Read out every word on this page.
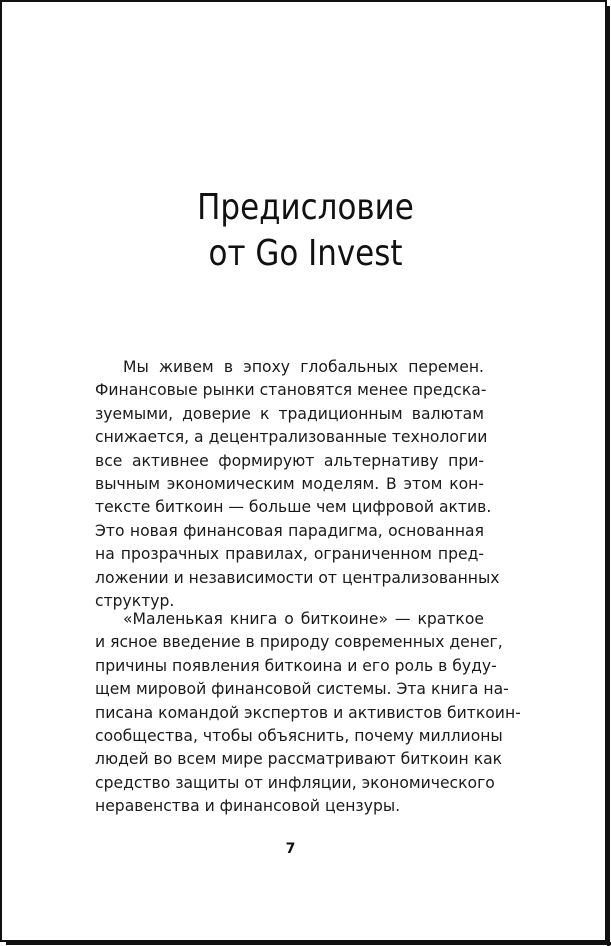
Предисловие
от Go Invest
Мы живем в эпоху глобальных перемен.
Финансовые рынки становятся менее предска-
зуемыми, доверие к традиционным валютам
снижается, а децентрализованные технологии
все активнее формируют альтернативу при-
вычным экономическим моделям. В этом кон-
тексте биткоин — больше чем цифровой актив.
Это новая финансовая парадигма, основанная
на прозрачных правилах, ограниченном пред-
ложении и независимости от централизованных
структур.
«Маленькая книга о биткоине» — краткое
и ясное введение в природу современных денег,
причины появления биткоина и его роль в буду-
щем мировой финансовой системы. Эта книга на-
писана командой экспертов и активистов биткоин-
сообщества, чтобы объяснить, почему миллионы
людей во всем мире рассматривают биткоин как
средство защиты от инфляции, экономического
неравенства и финансовой цензуры.
7
